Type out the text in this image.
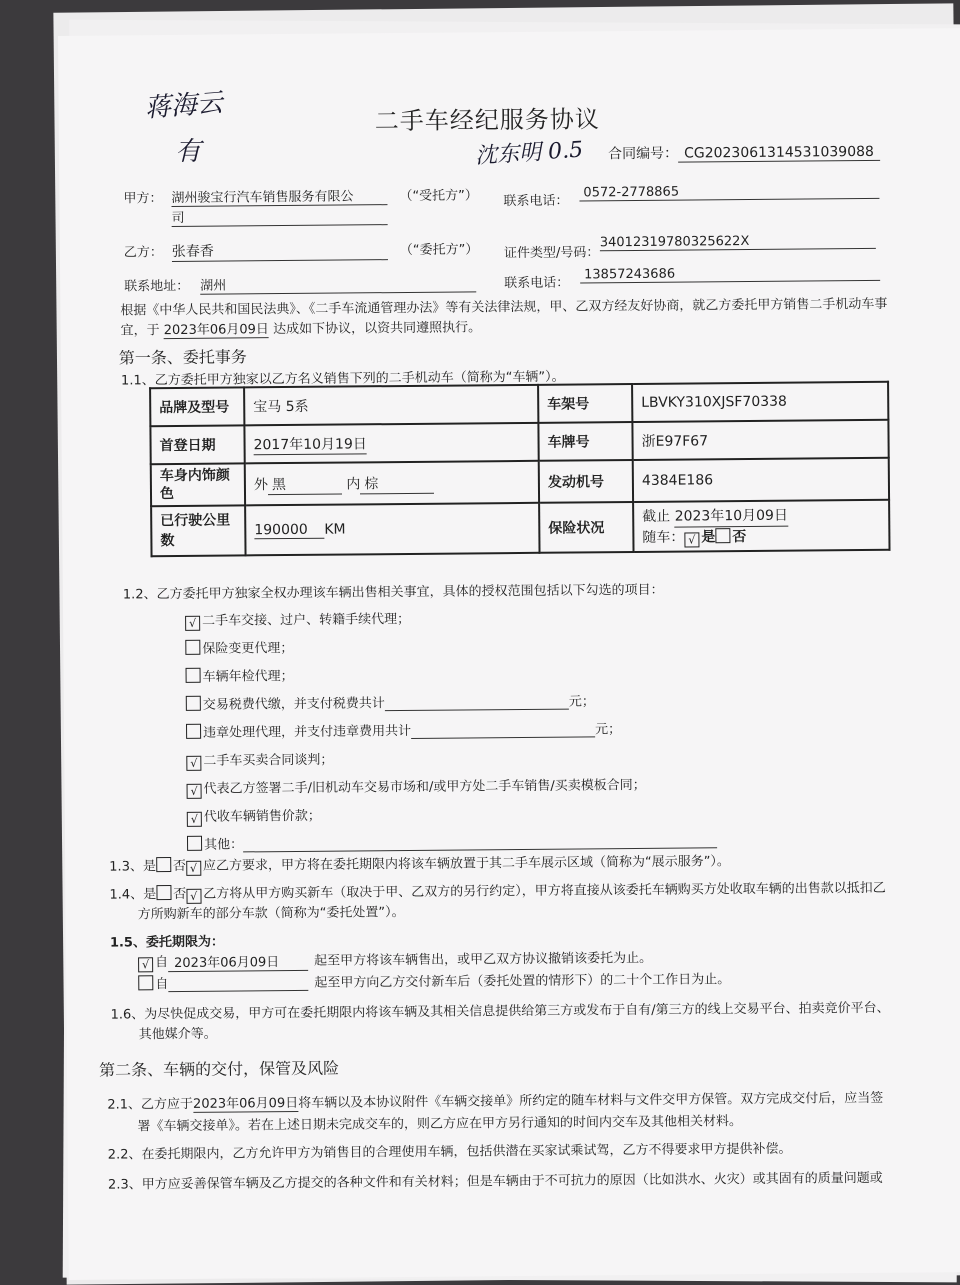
蒋海云
有	沈东明 0.5
二手车经纪服务协议
合同编号： CG2023061314531039088
甲方： 湖州骏宝行汽车销售服务有限公
司
（“受托方”） 联系电话：
0572-2778865
乙方： 张春香	（“委托方”） 证件类型/号码：
34012319780325622X
联系地址： 湖州	联系电话：
13857243686
根据《中华人民共和国民法典》、《二手车流通管理办法》等有关法律法规，甲、乙双方经友好协商，就乙方委托甲方销售二手机动车事
宜，于 2023年06月09日 达成如下协议，以资共同遵照执行。
第一条、委托事务
1.1、乙方委托甲方独家以乙方名义销售下列的二手机动车（简称为“车辆”）。
品牌及型号	宝马 5系	车架号	LBVKY310XJSF70338
首登日期	2017年10月19日	车牌号	浙E97F67
车身内饰颜
色	外 黑 内 棕	发动机号	4384E186
已行驶公里
数	190000 KM	保险状况	截止 2023年10月09日
随车： √ 是 否
1.2、乙方委托甲方独家全权办理该车辆出售相关事宜，具体的授权范围包括以下勾选的项目：
√ 二手车交接、过户、转籍手续代理；
保险变更代理；
车辆年检代理；
交易税费代缴，并支付税费共计	元；
违章处理代理，并支付违章费用共计	元；
√ 二手车买卖合同谈判；
√ 代表乙方签署二手/旧机动车交易市场和/或甲方处二手车销售/买卖模板合同；
√ 代收车辆销售价款；
其他：
1.3、是 否 √ 应乙方要求，甲方将在委托期限内将该车辆放置于其二手车展示区域（简称为“展示服务”）。
1.4、是 否 √ 乙方将从甲方购买新车（取决于甲、乙双方的另行约定），甲方将直接从该委托车辆购买方处收取车辆的出售款以抵扣乙
方所购新车的部分车款（简称为“委托处置”）。
1.5、委托期限为：
√ 自 2023年06月09日	起至甲方将该车辆售出，或甲乙双方协议撤销该委托为止。
自	起至甲方向乙方交付新车后（委托处置的情形下）的二十个工作日为止。
1.6、为尽快促成交易，甲方可在委托期限内将该车辆及其相关信息提供给第三方或发布于自有/第三方的线上交易平台、拍卖竞价平台、
其他媒介等。
第二条、车辆的交付，保管及风险
2.1、乙方应于2023年06月09日将车辆以及本协议附件《车辆交接单》所约定的随车材料与文件交甲方保管。双方完成交付后，应当签
署《车辆交接单》。若在上述日期未完成交车的，则乙方应在甲方另行通知的时间内交车及其他相关材料。
2.2、在委托期限内，乙方允许甲方为销售目的合理使用车辆，包括供潜在买家试乘试驾，乙方不得要求甲方提供补偿。
2.3、甲方应妥善保管车辆及乙方提交的各种文件和有关材料；但是车辆由于不可抗力的原因（比如洪水、火灾）或其固有的质量问题或
